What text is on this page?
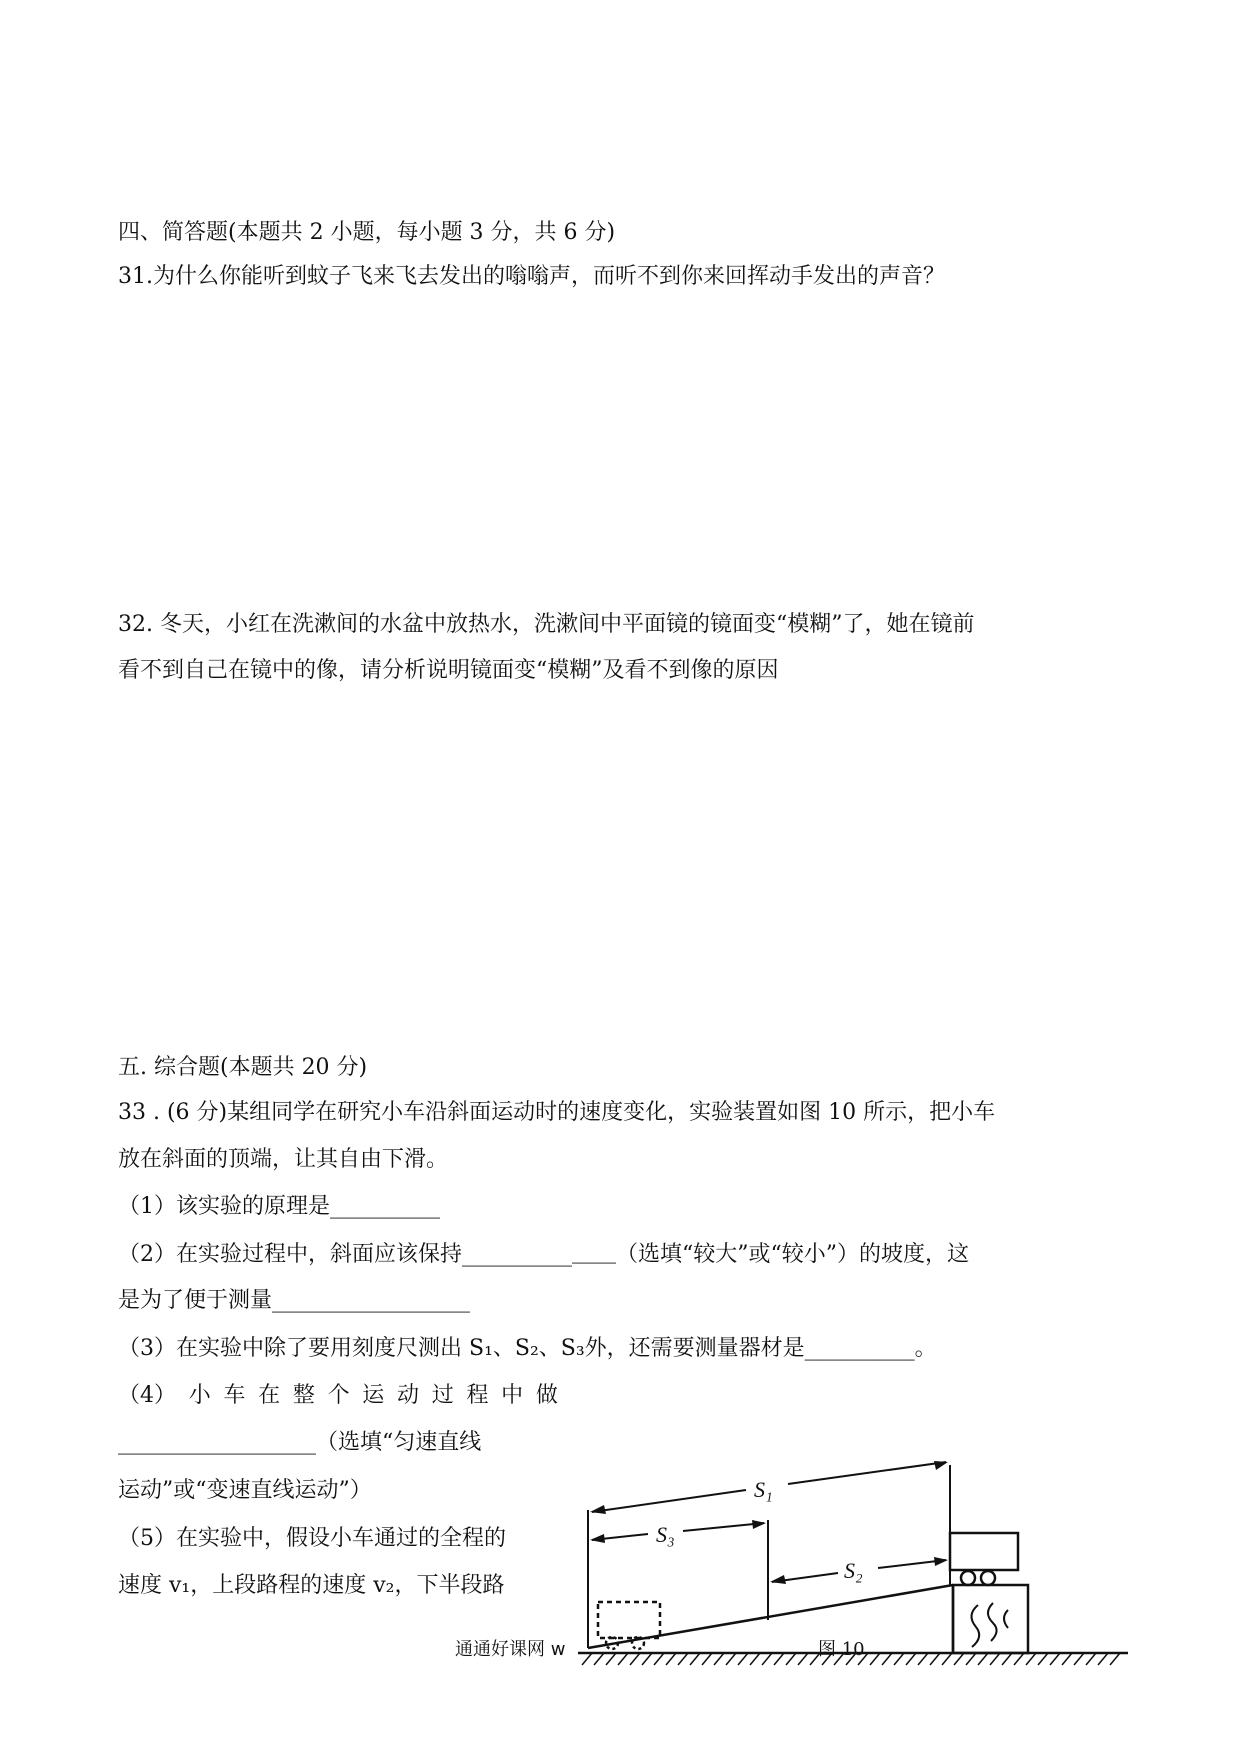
四、简答题(本题共 2 小题，每小题 3 分，共 6 分)
31.为什么你能听到蚊子飞来飞去发出的嗡嗡声，而听不到你来回挥动手发出的声音？
32. 冬天，小红在洗漱间的水盆中放热水，洗漱间中平面镜的镜面变“模糊”了，她在镜前
看不到自己在镜中的像，请分析说明镜面变“模糊”及看不到像的原因
五. 综合题(本题共 20 分)
33 . (6 分)某组同学在研究小车沿斜面运动时的速度变化，实验装置如图 10 所示，把小车
放在斜面的顶端，让其自由下滑。
（1）该实验的原理是__________
（2）在实验过程中，斜面应该保持__________＿＿（选填“较大”或“较小”）的坡度，这
是为了便于测量__________________
（3）在实验中除了要用刻度尺测出 S₁、S₂、S₃外，还需要测量器材是__________。
（4） 小 车 在 整 个 运 动 过 程 中 做
__________________（选填“匀速直线
运动”或“变速直线运动”）
（5）在实验中，假设小车通过的全程的
速度 v₁，上段路程的速度 v₂，下半段路
S₁
S₃
S₂
通通好课网 w	图 10
